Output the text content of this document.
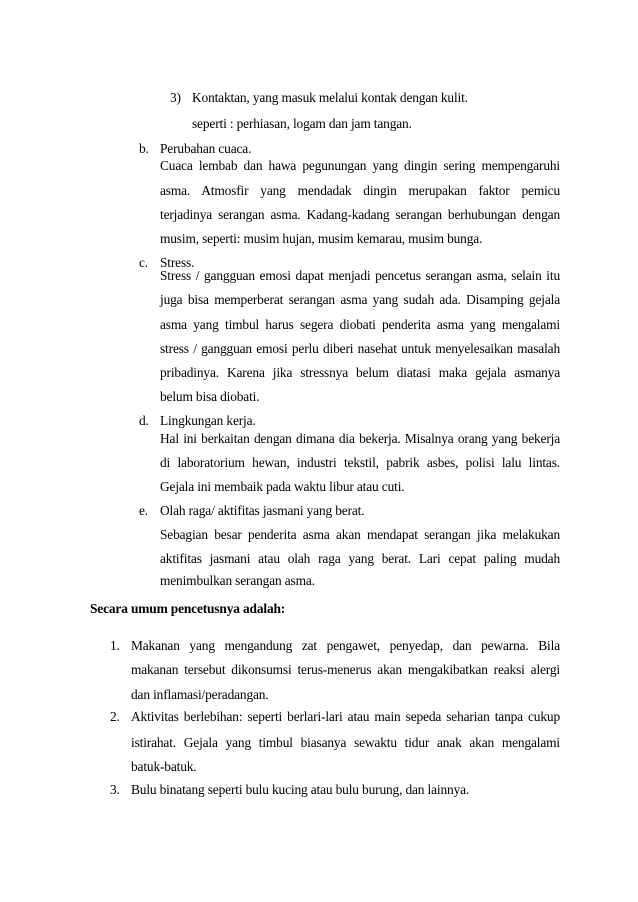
3) Kontaktan, yang masuk melalui kontak dengan kulit.
seperti : perhiasan, logam dan jam tangan.
b. Perubahan cuaca.
Cuaca lembab dan hawa pegunungan yang dingin sering mempengaruhi
asma. Atmosfir yang mendadak dingin merupakan faktor pemicu
terjadinya serangan asma. Kadang-kadang serangan berhubungan dengan
musim, seperti: musim hujan, musim kemarau, musim bunga.
c. Stress.
Stress / gangguan emosi dapat menjadi pencetus serangan asma, selain itu
juga bisa memperberat serangan asma yang sudah ada. Disamping gejala
asma yang timbul harus segera diobati penderita asma yang mengalami
stress / gangguan emosi perlu diberi nasehat untuk menyelesaikan masalah
pribadinya. Karena jika stressnya belum diatasi maka gejala asmanya
belum bisa diobati.
d. Lingkungan kerja.
Hal ini berkaitan dengan dimana dia bekerja. Misalnya orang yang bekerja
di laboratorium hewan, industri tekstil, pabrik asbes, polisi lalu lintas.
Gejala ini membaik pada waktu libur atau cuti.
e. Olah raga/ aktifitas jasmani yang berat.
Sebagian besar penderita asma akan mendapat serangan jika melakukan
aktifitas jasmani atau olah raga yang berat. Lari cepat paling mudah
menimbulkan serangan asma.
Secara umum pencetusnya adalah:
1. Makanan yang mengandung zat pengawet, penyedap, dan pewarna. Bila
makanan tersebut dikonsumsi terus-menerus akan mengakibatkan reaksi alergi
dan inflamasi/peradangan.
2. Aktivitas berlebihan: seperti berlari-lari atau main sepeda seharian tanpa cukup
istirahat. Gejala yang timbul biasanya sewaktu tidur anak akan mengalami
batuk-batuk.
3. Bulu binatang seperti bulu kucing atau bulu burung, dan lainnya.
